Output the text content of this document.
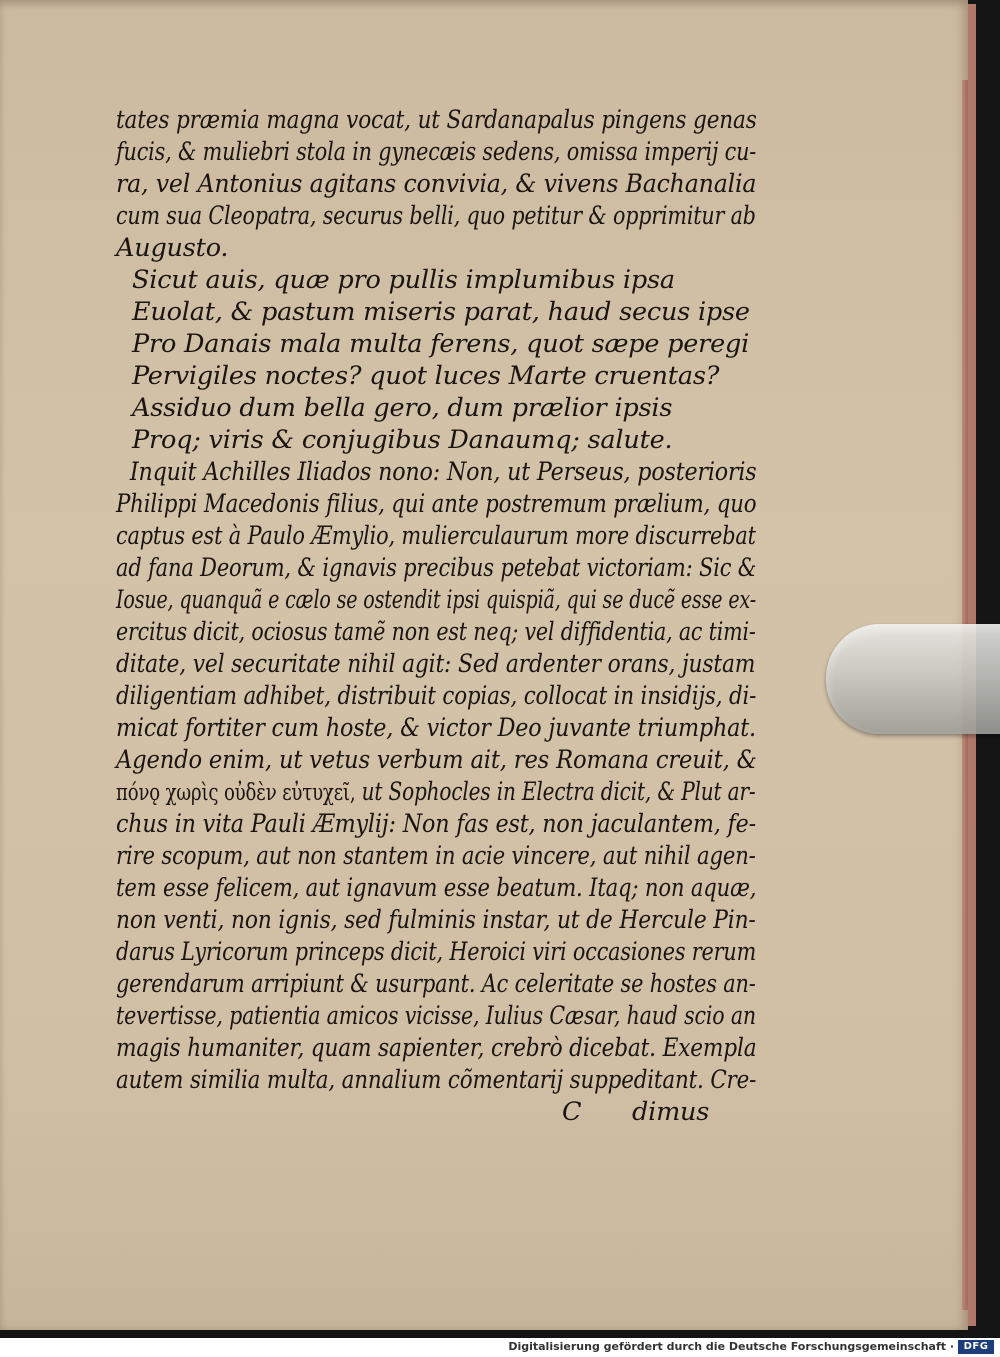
tates præmia magna vocat, ut Sardanapalus pingens genas
fucis, & muliebri stola in gynecæis sedens, omissa imperij cu-
ra, vel Antonius agitans convivia, & vivens Bachanalia
cum sua Cleopatra, securus belli, quo petitur & opprimitur ab
Augusto.
Sicut auis, quæ pro pullis implumibus ipsa
Euolat, & pastum miseris parat, haud secus ipse
Pro Danais mala multa ferens, quot sæpe peregi
Pervigiles noctes? quot luces Marte cruentas?
Assiduo dum bella gero, dum prælior ipsis
Proq; viris & conjugibus Danaumq; salute.
Inquit Achilles Iliados nono: Non, ut Perseus, posterioris
Philippi Macedonis filius, qui ante postremum prælium, quo
captus est à Paulo Æmylio, mulierculaurum more discurrebat
ad fana Deorum, & ignavis precibus petebat victoriam: Sic &
Iosue, quanquã e cælo se ostendit ipsi quispiã, qui se ducẽ esse ex-
ercitus dicit, ociosus tamẽ non est neq; vel diffidentia, ac timi-
ditate, vel securitate nihil agit: Sed ardenter orans, justam
diligentiam adhibet, distribuit copias, collocat in insidijs, di-
micat fortiter cum hoste, & victor Deo juvante triumphat.
Agendo enim, ut vetus verbum ait, res Romana creuit, &
πόνǫ χωρὶς οὐδὲν εὐτυχεῖ, ut Sophocles in Electra dicit, & Plut ar-
chus in vita Pauli Æmylij: Non fas est, non jaculantem, fe-
rire scopum, aut non stantem in acie vincere, aut nihil agen-
tem esse felicem, aut ignavum esse beatum. Itaq; non aquæ,
non venti, non ignis, sed fulminis instar, ut de Hercule Pin-
darus Lyricorum princeps dicit, Heroici viri occasiones rerum
gerendarum arripiunt & usurpant. Ac celeritate se hostes an-
tevertisse, patientia amicos vicisse, Iulius Cæsar, haud scio an
magis humaniter, quam sapienter, crebrò dicebat. Exempla
autem similia multa, annalium cõmentarij suppeditant. Cre-
C dimus
Digitalisierung gefördert durch die Deutsche Forschungsgemeinschaft · DFG
